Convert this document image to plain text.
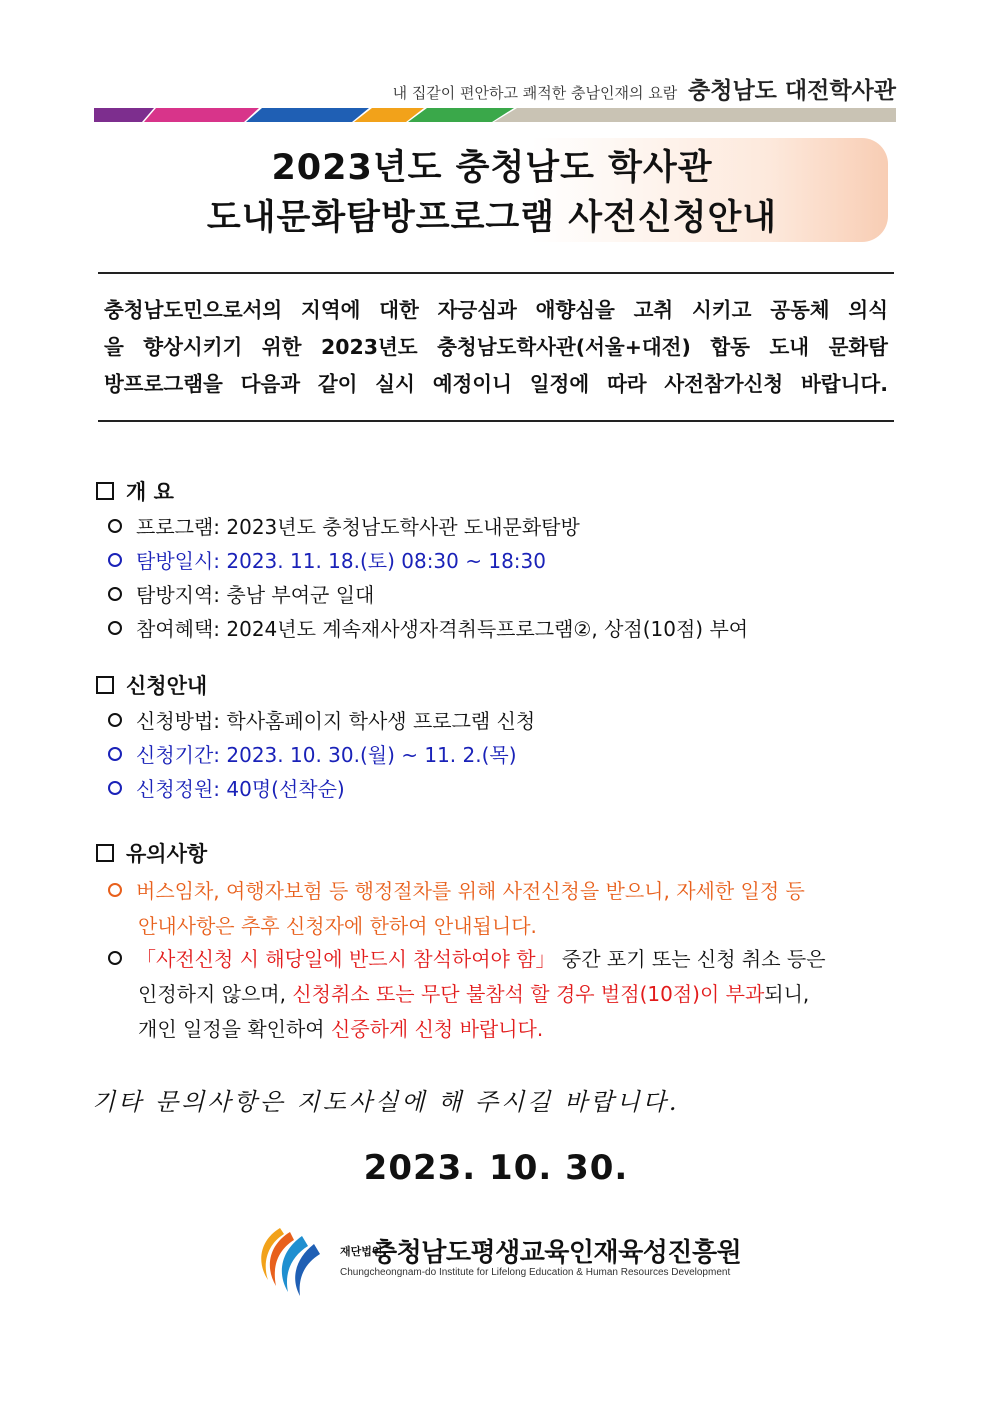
내 집같이 편안하고 쾌적한 충남인재의 요람 충청남도 대전학사관
2023년도 충청남도 학사관
도내문화탐방프로그램 사전신청안내

충청남도민으로서의 지역에 대한 자긍심과 애향심을 고취 시키고 공동체 의식
을 향상시키기 위한 2023년도 충청남도학사관(서울+대전) 합동 도내 문화탐
방프로그램을 다음과 같이 실시 예정이니 일정에 따라 사전참가신청 바랍니다.

개 요
프로그램: 2023년도 충청남도학사관 도내문화탐방
탐방일시: 2023. 11. 18.(토) 08:30 ~ 18:30
탐방지역: 충남 부여군 일대
참여혜택: 2024년도 계속재사생자격취득프로그램②, 상점(10점) 부여
신청안내
신청방법: 학사홈페이지 학사생 프로그램 신청
신청기간: 2023. 10. 30.(월) ~ 11. 2.(목)
신청정원: 40명(선착순)
유의사항
버스임차, 여행자보험 등 행정절차를 위해 사전신청을 받으니, 자세한 일정 등
안내사항은 추후 신청자에 한하여 안내됩니다.
「사전신청 시 해당일에 반드시 참석하여야 함」 중간 포기 또는 신청 취소 등은
인정하지 않으며, 신청취소 또는 무단 불참석 할 경우 벌점(10점)이 부과되니,
개인 일정을 확인하여 신중하게 신청 바랍니다.
기타 문의사항은 지도사실에 해 주시길 바랍니다.
2023. 10. 30.
재단법인충청남도평생교육인재육성진흥원
Chungcheongnam-do Institute for Lifelong Education & Human Resources Development
